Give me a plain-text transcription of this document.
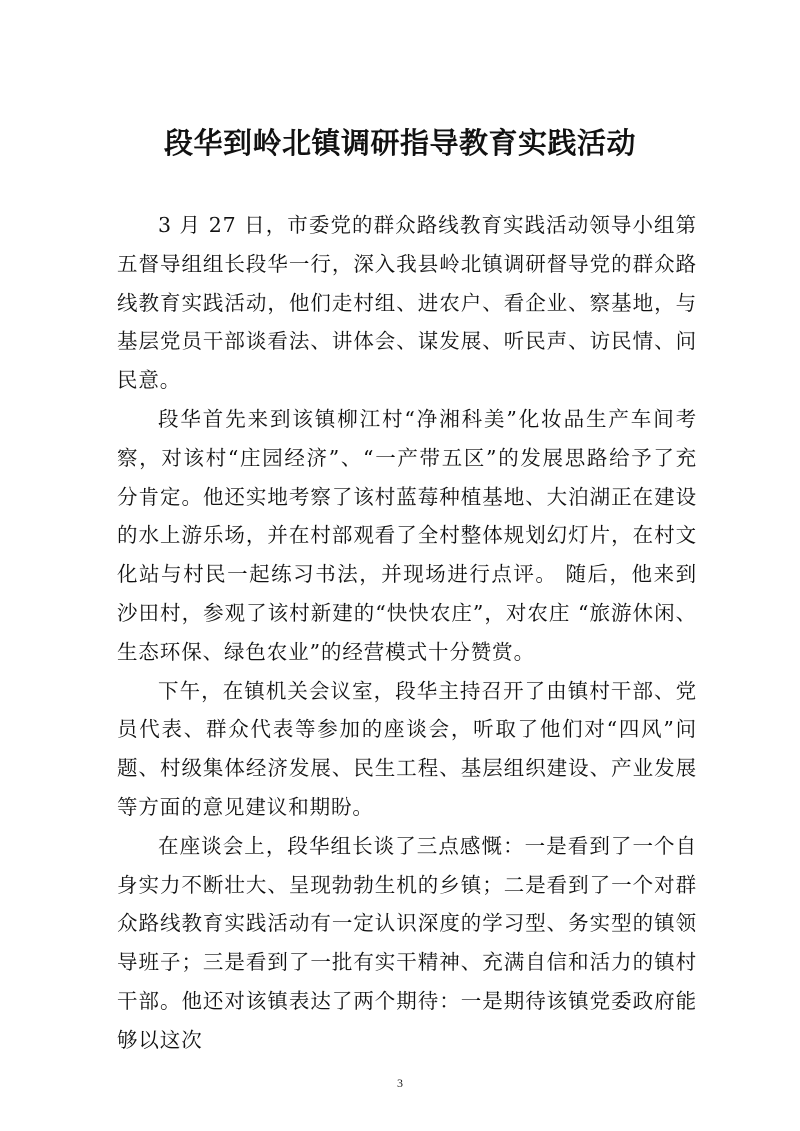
段华到岭北镇调研指导教育实践活动

3 月 27 日，市委党的群众路线教育实践活动领导小组第五督导组组长段华一行，深入我县岭北镇调研督导党的群众路线教育实践活动，他们走村组、进农户、看企业、察基地，与基层党员干部谈看法、讲体会、谋发展、听民声、访民情、问民意。

段华首先来到该镇柳江村“净湘科美”化妆品生产车间考察，对该村“庄园经济”、“一产带五区”的发展思路给予了充分肯定。他还实地考察了该村蓝莓种植基地、大泊湖正在建设的水上游乐场，并在村部观看了全村整体规划幻灯片，在村文化站与村民一起练习书法，并现场进行点评。 随后，他来到沙田村，参观了该村新建的“快快农庄”，对农庄 “旅游休闲、生态环保、绿色农业”的经营模式十分赞赏。

下午，在镇机关会议室，段华主持召开了由镇村干部、党员代表、群众代表等参加的座谈会，听取了他们对“四风”问题、村级集体经济发展、民生工程、基层组织建设、产业发展等方面的意见建议和期盼。

在座谈会上，段华组长谈了三点感慨：一是看到了一个自身实力不断壮大、呈现勃勃生机的乡镇；二是看到了一个对群众路线教育实践活动有一定认识深度的学习型、务实型的镇领导班子；三是看到了一批有实干精神、充满自信和活力的镇村干部。他还对该镇表达了两个期待：一是期待该镇党委政府能够以这次

3
